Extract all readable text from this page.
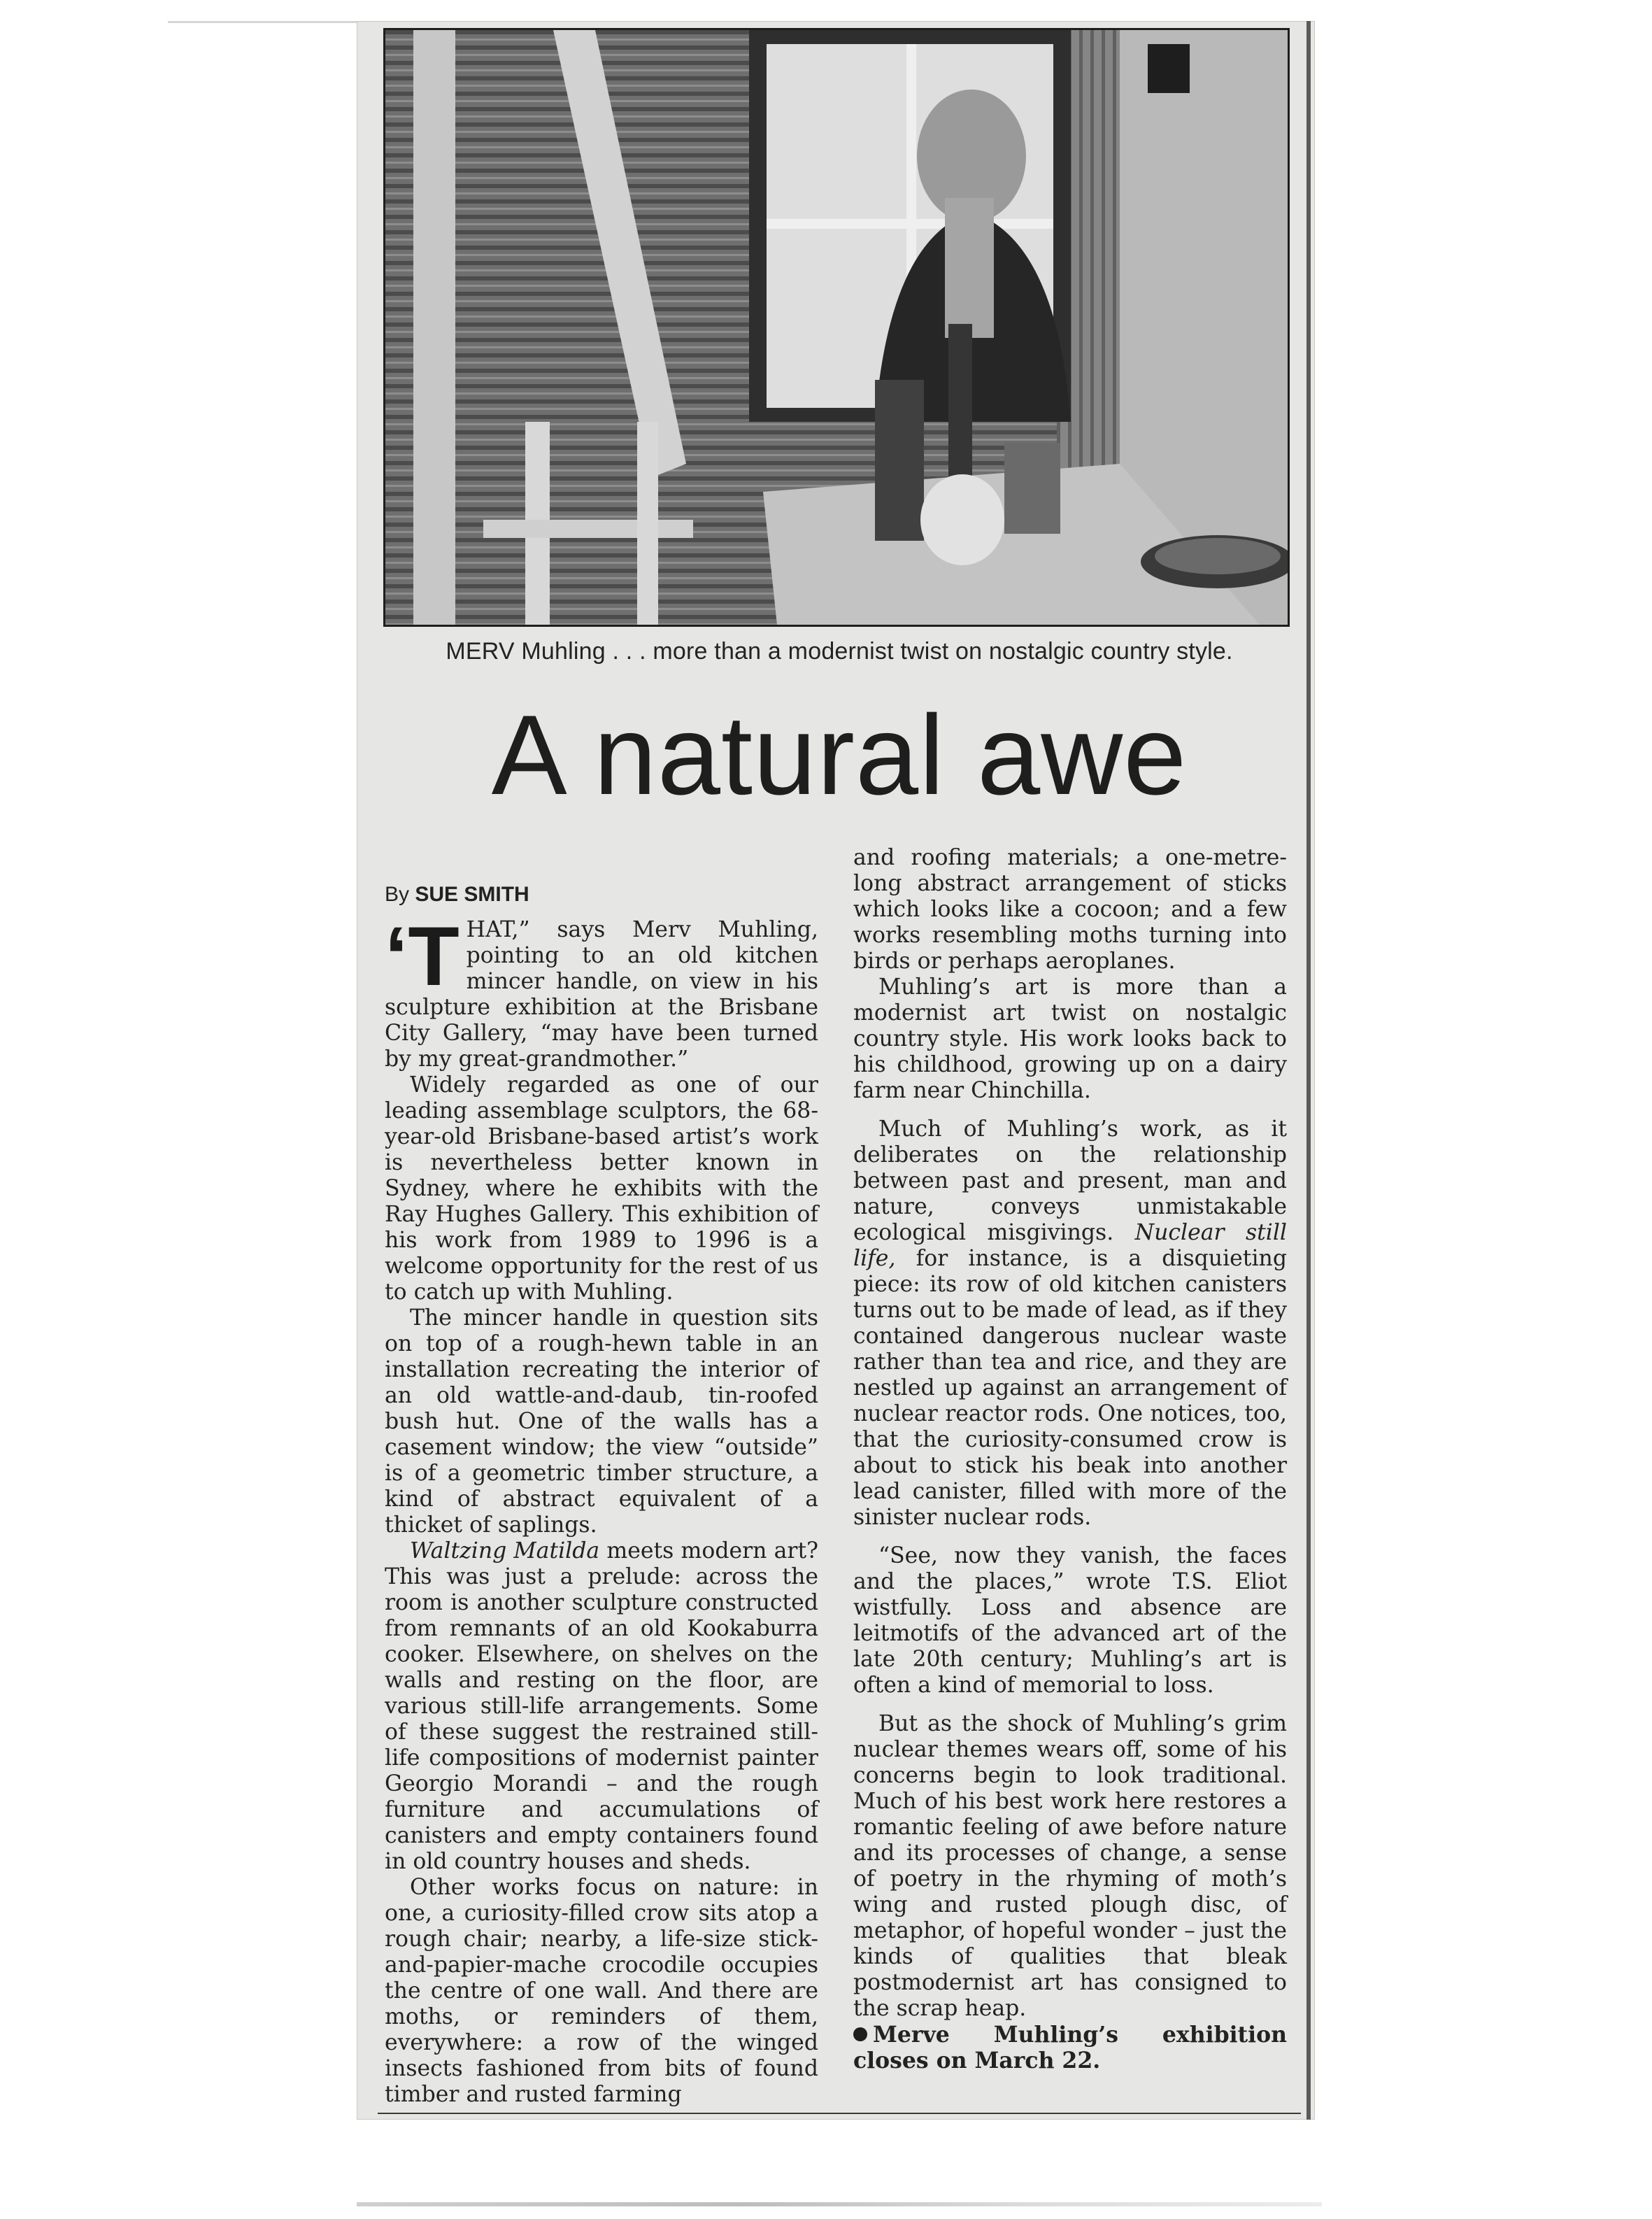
MERV Muhling . . . more than a modernist twist on nostalgic country style.
A natural awe
By SUE SMITH

‘THAT,” says Merv Muhling, pointing to an old kitchen mincer handle, on view in his sculpture exhibition at the Brisbane City Gallery, “may have been turned by my great-grandmother.”

Widely regarded as one of our leading assemblage sculptors, the 68-year-old Brisbane-based artist’s work is nevertheless better known in Sydney, where he exhibits with the Ray Hughes Gallery. This exhibition of his work from 1989 to 1996 is a welcome opportunity for the rest of us to catch up with Muhling.

The mincer handle in question sits on top of a rough-hewn table in an installation recreating the interior of an old wattle-and-daub, tin-roofed bush hut. One of the walls has a casement window; the view “outside” is of a geometric timber structure, a kind of abstract equivalent of a thicket of saplings.

Waltzing Matilda meets modern art? This was just a prelude: across the room is another sculpture constructed from remnants of an old Kookaburra cooker. Elsewhere, on shelves on the walls and resting on the floor, are various still-life arrangements. Some of these suggest the restrained still-life compositions of modernist painter Georgio Morandi – and the rough furniture and accumulations of canisters and empty containers found in old country houses and sheds.

Other works focus on nature: in one, a curiosity-filled crow sits atop a rough chair; nearby, a life-size stick-and-papier-mache crocodile occupies the centre of one wall. And there are moths, or reminders of them, everywhere: a row of the winged insects fashioned from bits of found timber and rusted farming

and roofing materials; a one-metre-long abstract arrangement of sticks which looks like a cocoon; and a few works resembling moths turning into birds or perhaps aeroplanes.

Muhling’s art is more than a modernist art twist on nostalgic country style. His work looks back to his childhood, growing up on a dairy farm near Chinchilla.

Much of Muhling’s work, as it deliberates on the relationship between past and present, man and nature, conveys unmistakable ecological misgivings. Nuclear still life, for instance, is a disquieting piece: its row of old kitchen canisters turns out to be made of lead, as if they contained dangerous nuclear waste rather than tea and rice, and they are nestled up against an arrangement of nuclear reactor rods. One notices, too, that the curiosity-consumed crow is about to stick his beak into another lead canister, filled with more of the sinister nuclear rods.

“See, now they vanish, the faces and the places,” wrote T.S. Eliot wistfully. Loss and absence are leitmotifs of the advanced art of the late 20th century; Muhling’s art is often a kind of memorial to loss.

But as the shock of Muhling’s grim nuclear themes wears off, some of his concerns begin to look traditional. Much of his best work here restores a romantic feeling of awe before nature and its processes of change, a sense of poetry in the rhyming of moth’s wing and rusted plough disc, of metaphor, of hopeful wonder – just the kinds of qualities that bleak postmodernist art has consigned to the scrap heap.

Merve Muhling’s exhibition closes on March 22.
